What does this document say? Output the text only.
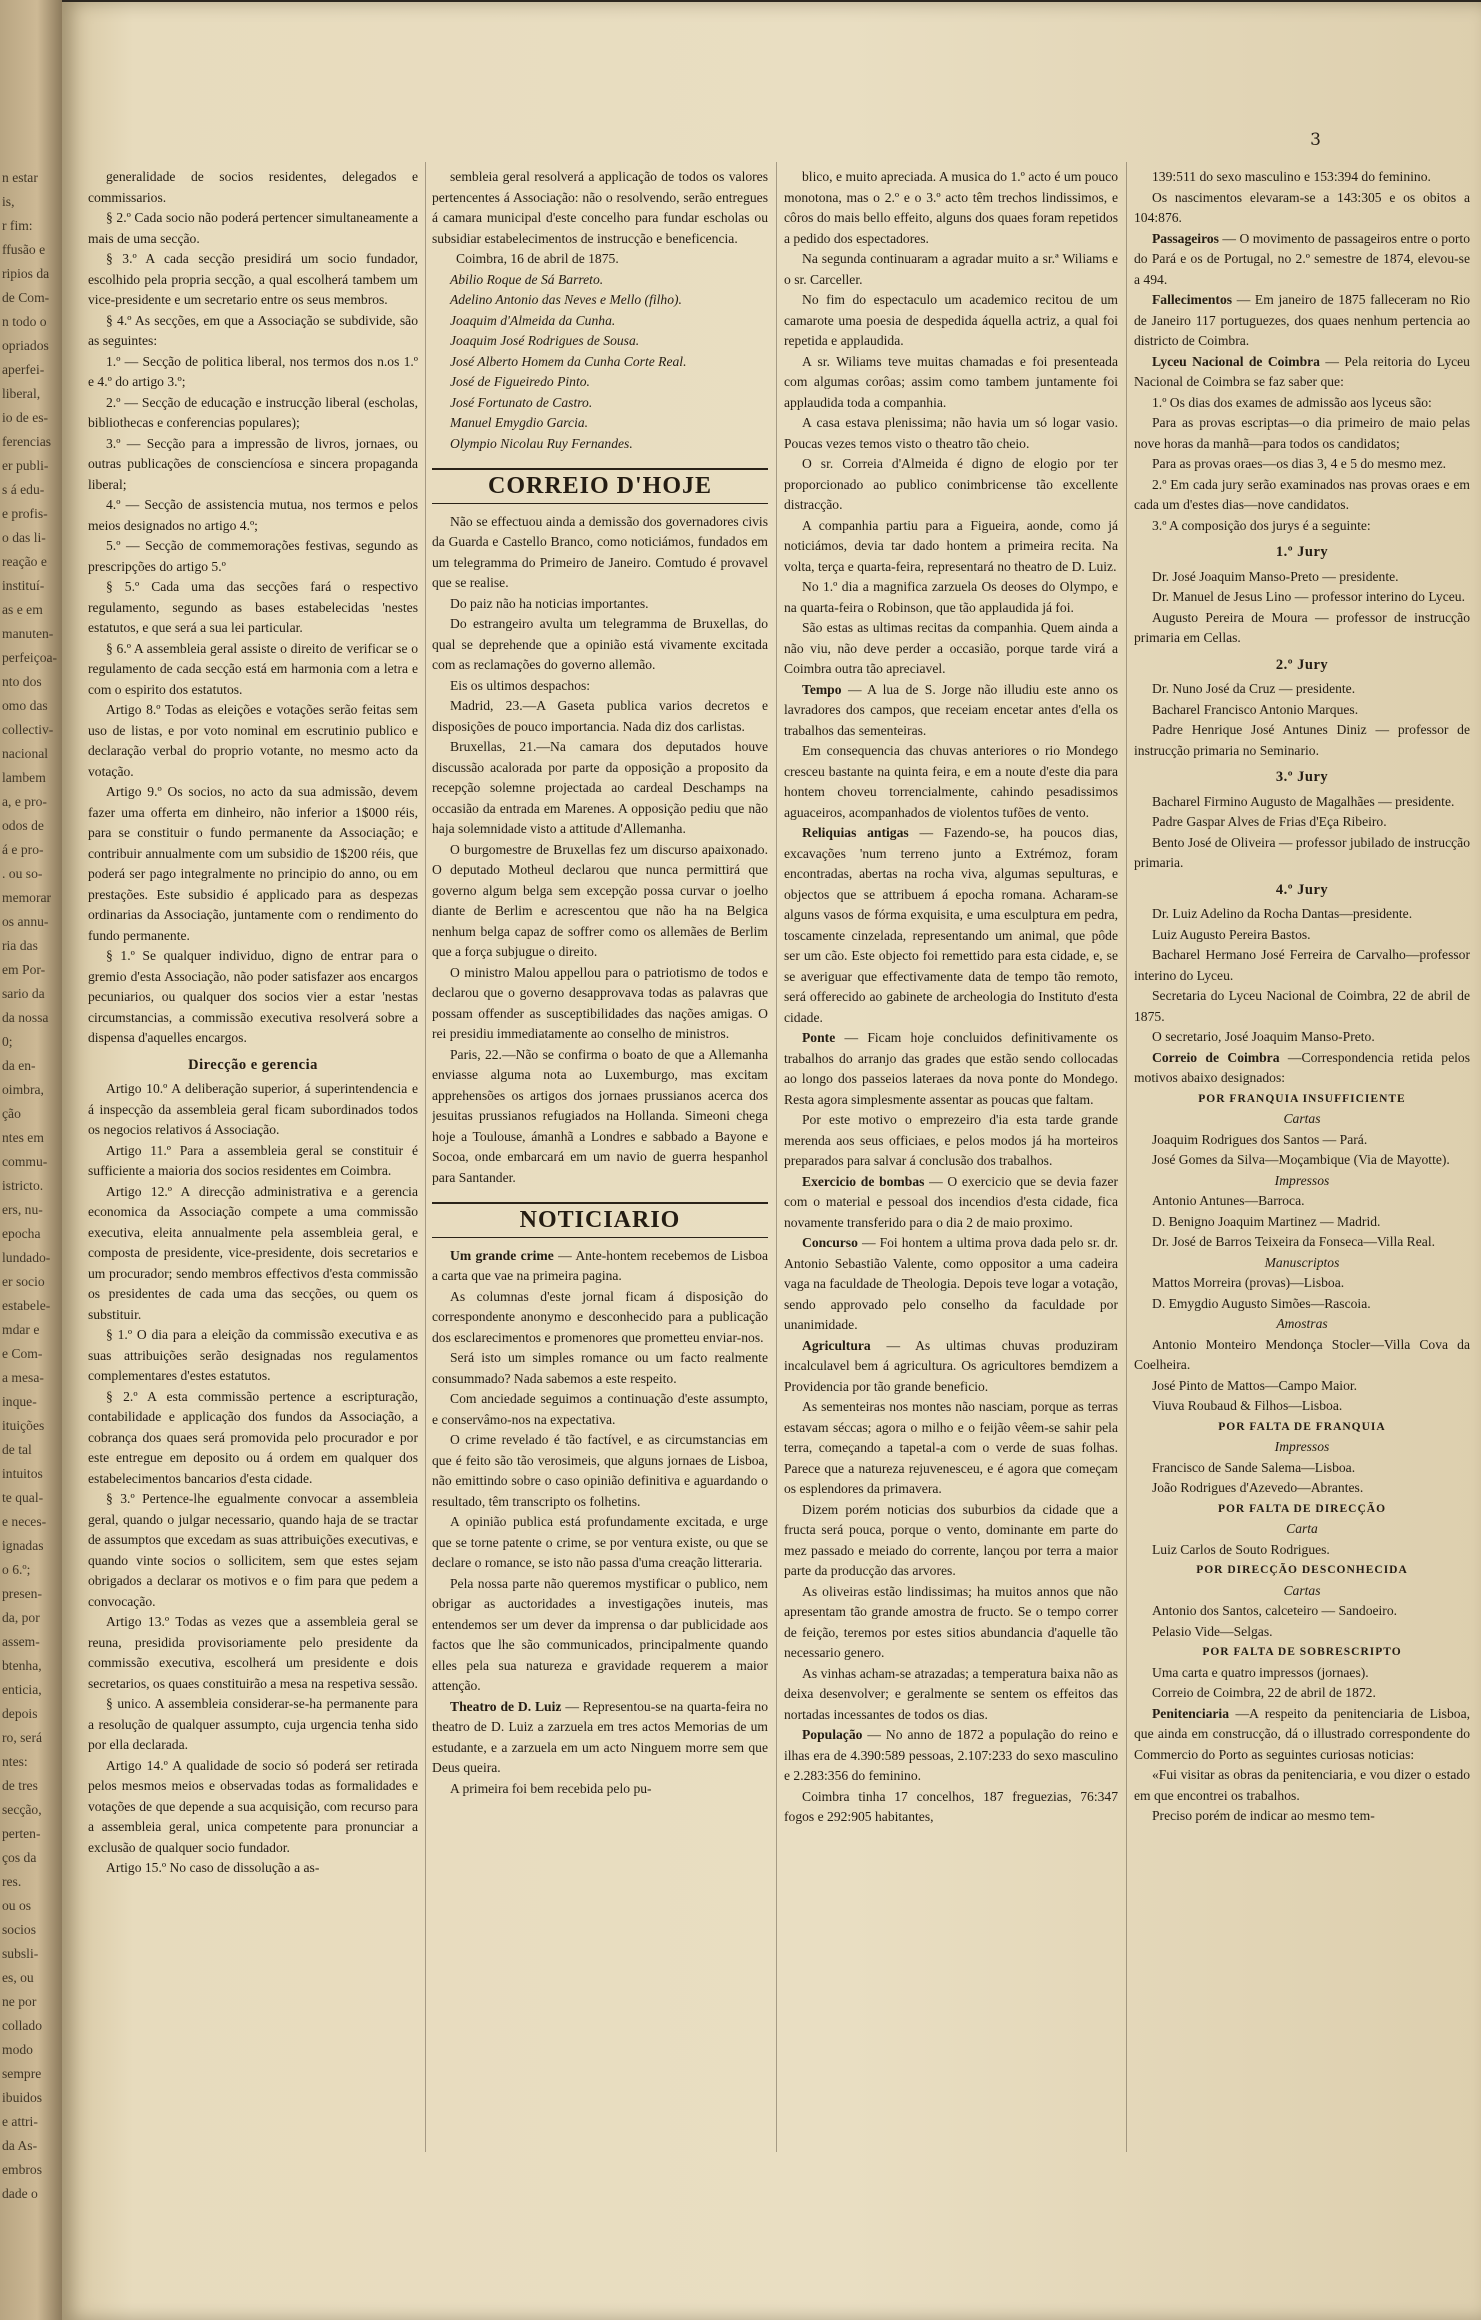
n estar
is,
r fim:
ffusão e
ripios da
de Com-
n todo o
opriados
aperfei-
liberal,
io de es-
ferencias
er publi-
s á edu-
e profis-
o das li-
reação e
instituí-
as e em
manuten-
perfeiçoa-
nto dos
omo das
collectiv-
nacional
lambem
a, e pro-
odos de
á e pro-
. ou so-
memorar
os annu-
ria das
em Por-
sario da
da nossa
0;
da en-
oimbra,
ção
ntes em
commu-
istricto.
ers, nu-
epocha
lundado-
er socio
estabele-
mdar e
e Com-
a mesa-
inque-
ituições
de tal
intuitos
te qual-
e neces-
ignadas
o 6.º;
presen-
da, por
assem-
btenha,
enticia,
depois
ro, será
ntes:
de tres
secção,
perten-
ços da
res.
ou os
socios
subsli-
es, ou
ne por
collado
modo
sempre
ibuidos
e attri-
da As-
embros
dade o
3

generalidade de socios residentes, delegados e commissarios.

§ 2.º Cada socio não poderá pertencer simultaneamente a mais de uma secção.

§ 3.º A cada secção presidirá um socio fundador, escolhido pela propria secção, a qual escolherá tambem um vice-presidente e um secretario entre os seus membros.

§ 4.º As secções, em que a Associação se subdivide, são as seguintes:

1.º — Secção de politica liberal, nos termos dos n.os 1.º e 4.º do artigo 3.º;

2.º — Secção de educação e instrucção liberal (escholas, bibliothecas e conferencias populares);

3.º — Secção para a impressão de livros, jornaes, ou outras publicações de consciencíosa e sincera propaganda liberal;

4.º — Secção de assistencia mutua, nos termos e pelos meios designados no artigo 4.º;

5.º — Secção de commemorações festivas, segundo as prescripções do artigo 5.º

§ 5.º Cada uma das secções fará o respectivo regulamento, segundo as bases estabelecidas 'nestes estatutos, e que será a sua lei particular.

§ 6.º A assembleia geral assiste o direito de verificar se o regulamento de cada secção está em harmonia com a letra e com o espirito dos estatutos.

Artigo 8.º Todas as eleições e votações serão feitas sem uso de listas, e por voto nominal em escrutinio publico e declaração verbal do proprio votante, no mesmo acto da votação.

Artigo 9.º Os socios, no acto da sua admissão, devem fazer uma offerta em dinheiro, não inferior a 1$000 réis, para se constituir o fundo permanente da Associação; e contribuir annualmente com um subsidio de 1$200 réis, que poderá ser pago integralmente no principio do anno, ou em prestações. Este subsidio é applicado para as despezas ordinarias da Associação, juntamente com o rendimento do fundo permanente.

§ 1.º Se qualquer individuo, digno de entrar para o gremio d'esta Associação, não poder satisfazer aos encargos pecuniarios, ou qualquer dos socios vier a estar 'nestas circumstancias, a commissão executiva resolverá sobre a dispensa d'aquelles encargos.

Direcção e gerencia

Artigo 10.º A deliberação superior, á superintendencia e á inspecção da assembleia geral ficam subordinados todos os negocios relativos á Associação.

Artigo 11.º Para a assembleia geral se constituir é sufficiente a maioria dos socios residentes em Coimbra.

Artigo 12.º A direcção administrativa e a gerencia economica da Associação compete a uma commissão executiva, eleita annualmente pela assembleia geral, e composta de presidente, vice-presidente, dois secretarios e um procurador; sendo membros effectivos d'esta commissão os presidentes de cada uma das secções, ou quem os substituir.

§ 1.º O dia para a eleição da commissão executiva e as suas attribuições serão designadas nos regulamentos complementares d'estes estatutos.

§ 2.º A esta commissão pertence a escripturação, contabilidade e applicação dos fundos da Associação, a cobrança dos quaes será promovida pelo procurador e por este entregue em deposito ou á ordem em qualquer dos estabelecimentos bancarios d'esta cidade.

§ 3.º Pertence-lhe egualmente convocar a assembleia geral, quando o julgar necessario, quando haja de se tractar de assumptos que excedam as suas attribuições executivas, e quando vinte socios o sollicitem, sem que estes sejam obrigados a declarar os motivos e o fim para que pedem a convocação.

Artigo 13.º Todas as vezes que a assembleia geral se reuna, presidida provisoriamente pelo presidente da commissão executiva, escolherá um presidente e dois secretarios, os quaes constituirão a mesa na respetiva sessão.

§ unico. A assembleia considerar-se-ha permanente para a resolução de qualquer assumpto, cuja urgencia tenha sido por ella declarada.

Artigo 14.º A qualidade de socio só poderá ser retirada pelos mesmos meios e observadas todas as formalidades e votações de que depende a sua acquisição, com recurso para a assembleia geral, unica competente para pronunciar a exclusão de qualquer socio fundador.

Artigo 15.º No caso de dissolução a as-

sembleia geral resolverá a applicação de todos os valores pertencentes á Associação: não o resolvendo, serão entregues á camara municipal d'este concelho para fundar escholas ou subsidiar estabelecimentos de instrucção e beneficencia.

Coimbra, 16 de abril de 1875.

Abilio Roque de Sá Barreto.

Adelino Antonio das Neves e Mello (filho).

Joaquim d'Almeida da Cunha.

Joaquim José Rodrigues de Sousa.

José Alberto Homem da Cunha Corte Real.

José de Figueiredo Pinto.

José Fortunato de Castro.

Manuel Emygdio Garcia.

Olympio Nicolau Ruy Fernandes.

CORREIO D'HOJE

Não se effectuou ainda a demissão dos governadores civis da Guarda e Castello Branco, como noticiámos, fundados em um telegramma do Primeiro de Janeiro. Comtudo é provavel que se realise.

Do paiz não ha noticias importantes.

Do estrangeiro avulta um telegramma de Bruxellas, do qual se deprehende que a opinião está vivamente excitada com as reclamações do governo allemão.

Eis os ultimos despachos:

Madrid, 23.—A Gaseta publica varios decretos e disposições de pouco importancia. Nada diz dos carlistas.

Bruxellas, 21.—Na camara dos deputados houve discussão acalorada por parte da opposição a proposito da recepção solemne projectada ao cardeal Deschamps na occasião da entrada em Marenes. A opposição pediu que não haja solemnidade visto a attitude d'Allemanha.

O burgomestre de Bruxellas fez um discurso apaixonado. O deputado Motheul declarou que nunca permittirá que governo algum belga sem excepção possa curvar o joelho diante de Berlim e acrescentou que não ha na Belgica nenhum belga capaz de soffrer como os allemães de Berlim que a força subjugue o direito.

O ministro Malou appellou para o patriotismo de todos e declarou que o governo desapprovava todas as palavras que possam offender as susceptibilidades das nações amigas. O rei presidiu immediatamente ao conselho de ministros.

Paris, 22.—Não se confirma o boato de que a Allemanha enviasse alguma nota ao Luxemburgo, mas excitam apprehensões os artigos dos jornaes prussianos acerca dos jesuitas prussianos refugiados na Hollanda. Simeoni chega hoje a Toulouse, ámanhã a Londres e sabbado a Bayone e Socoa, onde embarcará em um navio de guerra hespanhol para Santander.

NOTICIARIO

Um grande crime — Ante-hontem recebemos de Lisboa a carta que vae na primeira pagina.

As columnas d'este jornal ficam á disposição do correspondente anonymo e desconhecido para a publicação dos esclarecimentos e promenores que prometteu enviar-nos.

Será isto um simples romance ou um facto realmente consummado? Nada sabemos a este respeito.

Com anciedade seguimos a continuação d'este assumpto, e conservâmo-nos na expectativa.

O crime revelado é tão factível, e as circumstancias em que é feito são tão verosimeis, que alguns jornaes de Lisboa, não emittindo sobre o caso opinião definitiva e aguardando o resultado, têm transcripto os folhetins.

A opinião publica está profundamente excitada, e urge que se torne patente o crime, se por ventura existe, ou que se declare o romance, se isto não passa d'uma creação litteraria.

Pela nossa parte não queremos mystificar o publico, nem obrigar as auctoridades a investigações inuteis, mas entendemos ser um dever da imprensa o dar publicidade aos factos que lhe são communicados, principalmente quando elles pela sua natureza e gravidade requerem a maior attenção.

Theatro de D. Luiz — Representou-se na quarta-feira no theatro de D. Luiz a zarzuela em tres actos Memorias de um estudante, e a zarzuela em um acto Ninguem morre sem que Deus queira.

A primeira foi bem recebida pelo pu-

blico, e muito apreciada. A musica do 1.º acto é um pouco monotona, mas o 2.º e o 3.º acto têm trechos lindissimos, e côros do mais bello effeito, alguns dos quaes foram repetidos a pedido dos espectadores.

Na segunda continuaram a agradar muito a sr.ª Wiliams e o sr. Carceller.

No fim do espectaculo um academico recitou de um camarote uma poesia de despedida áquella actriz, a qual foi repetida e applaudida.

A sr. Wiliams teve muitas chamadas e foi presenteada com algumas corôas; assim como tambem juntamente foi applaudida toda a companhia.

A casa estava plenissima; não havia um só logar vasio. Poucas vezes temos visto o theatro tão cheio.

O sr. Correia d'Almeida é digno de elogio por ter proporcionado ao publico conimbricense tão excellente distracção.

A companhia partiu para a Figueira, aonde, como já noticiámos, devia tar dado hontem a primeira recita. Na volta, terça e quarta-feira, representará no theatro de D. Luiz.

No 1.º dia a magnifica zarzuela Os deoses do Olympo, e na quarta-feira o Robinson, que tão applaudida já foi.

São estas as ultimas recitas da companhia. Quem ainda a não viu, não deve perder a occasião, porque tarde virá a Coimbra outra tão apreciavel.

Tempo — A lua de S. Jorge não illudiu este anno os lavradores dos campos, que receiam encetar antes d'ella os trabalhos das sementeiras.

Em consequencia das chuvas anteriores o rio Mondego cresceu bastante na quinta feira, e em a noute d'este dia para hontem choveu torrencialmente, cahindo pesadissimos aguaceiros, acompanhados de violentos tufões de vento.

Reliquias antigas — Fazendo-se, ha poucos dias, excavações 'num terreno junto a Extrémoz, foram encontradas, abertas na rocha viva, algumas sepulturas, e objectos que se attribuem á epocha romana. Acharam-se alguns vasos de fórma exquisita, e uma esculptura em pedra, toscamente cinzelada, representando um animal, que pôde ser um cão. Este objecto foi remettido para esta cidade, e, se se averiguar que effectivamente data de tempo tão remoto, será offerecido ao gabinete de archeologia do Instituto d'esta cidade.

Ponte — Ficam hoje concluidos definitivamente os trabalhos do arranjo das grades que estão sendo collocadas ao longo dos passeios lateraes da nova ponte do Mondego. Resta agora simplesmente assentar as poucas que faltam.

Por este motivo o emprezeiro d'ia esta tarde grande merenda aos seus officiaes, e pelos modos já ha morteiros preparados para salvar á conclusão dos trabalhos.

Exercicio de bombas — O exercicio que se devia fazer com o material e pessoal dos incendios d'esta cidade, fica novamente transferido para o dia 2 de maio proximo.

Concurso — Foi hontem a ultima prova dada pelo sr. dr. Antonio Sebastião Valente, como oppositor a uma cadeira vaga na faculdade de Theologia. Depois teve logar a votação, sendo approvado pelo conselho da faculdade por unanimidade.

Agricultura — As ultimas chuvas produziram incalculavel bem á agricultura. Os agricultores bemdizem a Providencia por tão grande beneficio.

As sementeiras nos montes não nasciam, porque as terras estavam séccas; agora o milho e o feijão vêem-se sahir pela terra, começando a tapetal-a com o verde de suas folhas. Parece que a natureza rejuvenesceu, e é agora que começam os esplendores da primavera.

Dizem porém noticias dos suburbios da cidade que a fructa será pouca, porque o vento, dominante em parte do mez passado e meiado do corrente, lançou por terra a maior parte da producção das arvores.

As oliveiras estão lindissimas; ha muitos annos que não apresentam tão grande amostra de fructo. Se o tempo correr de feição, teremos por estes sitios abundancia d'aquelle tão necessario genero.

As vinhas acham-se atrazadas; a temperatura baixa não as deixa desenvolver; e geralmente se sentem os effeitos das nortadas incessantes de todos os dias.

População — No anno de 1872 a população do reino e ilhas era de 4.390:589 pessoas, 2.107:233 do sexo masculino e 2.283:356 do feminino.

Coimbra tinha 17 concelhos, 187 freguezias, 76:347 fogos e 292:905 habitantes,

139:511 do sexo masculino e 153:394 do feminino.

Os nascimentos elevaram-se a 143:305 e os obitos a 104:876.

Passageiros — O movimento de passageiros entre o porto do Pará e os de Portugal, no 2.º semestre de 1874, elevou-se a 494.

Fallecimentos — Em janeiro de 1875 falleceram no Rio de Janeiro 117 portuguezes, dos quaes nenhum pertencia ao districto de Coimbra.

Lyceu Nacional de Coimbra — Pela reitoria do Lyceu Nacional de Coimbra se faz saber que:

1.º Os dias dos exames de admissão aos lyceus são:

Para as provas escriptas—o dia primeiro de maio pelas nove horas da manhã—para todos os candidatos;

Para as provas oraes—os dias 3, 4 e 5 do mesmo mez.

2.º Em cada jury serão examinados nas provas oraes e em cada um d'estes dias—nove candidatos.

3.º A composição dos jurys é a seguinte:

1.º Jury

Dr. José Joaquim Manso-Preto — presidente.

Dr. Manuel de Jesus Lino — professor interino do Lyceu.

Augusto Pereira de Moura — professor de instrucção primaria em Cellas.

2.º Jury

Dr. Nuno José da Cruz — presidente.

Bacharel Francisco Antonio Marques.

Padre Henrique José Antunes Diniz — professor de instrucção primaria no Seminario.

3.º Jury

Bacharel Firmino Augusto de Magalhães — presidente.

Padre Gaspar Alves de Frias d'Eça Ribeiro.

Bento José de Oliveira — professor jubilado de instrucção primaria.

4.º Jury

Dr. Luiz Adelino da Rocha Dantas—presidente.

Luiz Augusto Pereira Bastos.

Bacharel Hermano José Ferreira de Carvalho—professor interino do Lyceu.

Secretaria do Lyceu Nacional de Coimbra, 22 de abril de 1875.

O secretario, José Joaquim Manso-Preto.

Correio de Coimbra —Correspondencia retida pelos motivos abaixo designados:

POR FRANQUIA INSUFFICIENTE

Cartas

Joaquim Rodrigues dos Santos — Pará.

José Gomes da Silva—Moçambique (Via de Mayotte).

Impressos

Antonio Antunes—Barroca.

D. Benigno Joaquim Martinez — Madrid.

Dr. José de Barros Teixeira da Fonseca—Villa Real.

Manuscriptos

Mattos Morreira (provas)—Lisboa.

D. Emygdio Augusto Simões—Rascoia.

Amostras

Antonio Monteiro Mendonça Stocler—Villa Cova da Coelheira.

José Pinto de Mattos—Campo Maior.

Viuva Roubaud & Filhos—Lisboa.

POR FALTA DE FRANQUIA

Impressos

Francisco de Sande Salema—Lisboa.

João Rodrigues d'Azevedo—Abrantes.

POR FALTA DE DIRECÇÃO

Carta

Luiz Carlos de Souto Rodrigues.

POR DIRECÇÃO DESCONHECIDA

Cartas

Antonio dos Santos, calceteiro — Sandoeiro.

Pelasio Vide—Selgas.

POR FALTA DE SOBRESCRIPTO

Uma carta e quatro impressos (jornaes).

Correio de Coimbra, 22 de abril de 1872.

Penitenciaria —A respeito da penitenciaria de Lisboa, que ainda em construcção, dá o illustrado correspondente do Commercio do Porto as seguintes curiosas noticias:

«Fui visitar as obras da penitenciaria, e vou dizer o estado em que encontrei os trabalhos.

Preciso porém de indicar ao mesmo tem-
